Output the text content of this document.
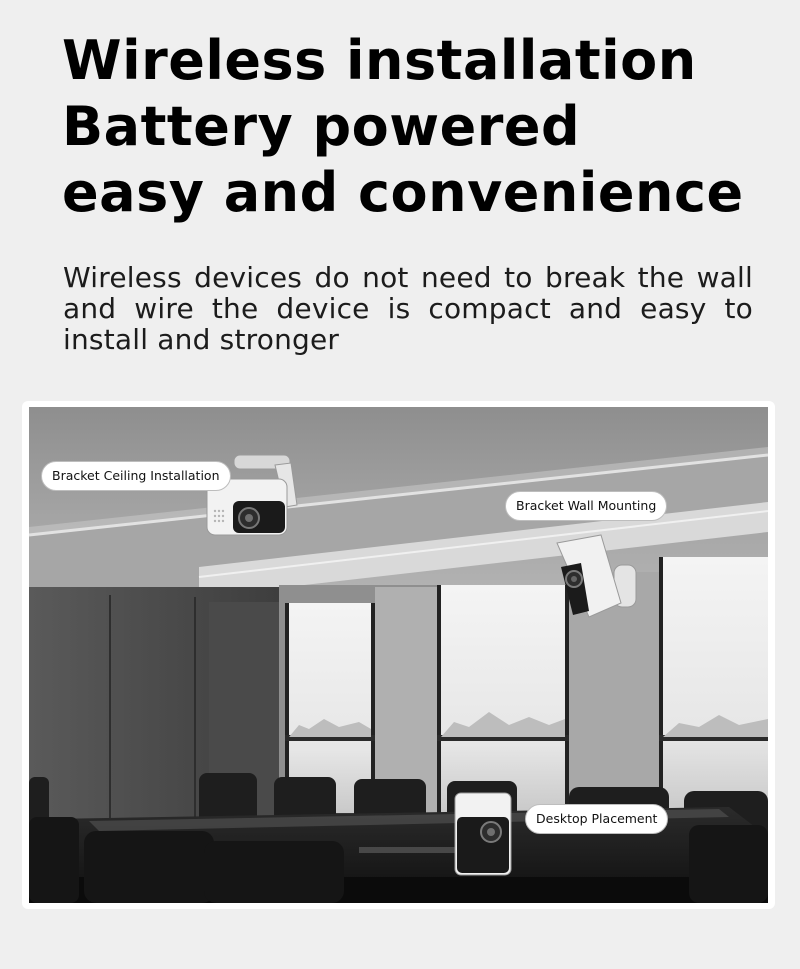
Wireless installation
Battery powered
easy and convenience

Wireless devices do not need to break the wall and wire the device is compact and easy to install and stronger

Bracket Ceiling Installation
Bracket Wall Mounting
Desktop Placement
